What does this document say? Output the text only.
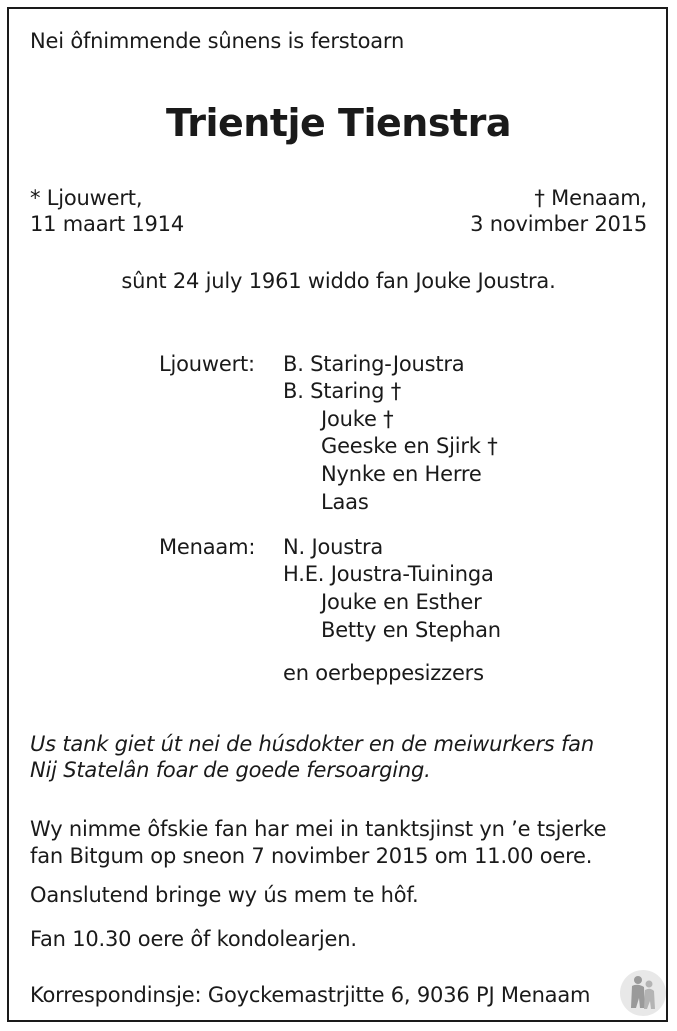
Nei ôfnimmende sûnens is ferstoarn
Trientje Tienstra
* Ljouwert,
11 maart 1914
† Menaam,
3 novimber 2015
sûnt 24 july 1961 widdo fan Jouke Joustra.
Ljouwert: B. Staring-Joustra
B. Staring †
Jouke †
Geeske en Sjirk †
Nynke en Herre
Laas
Menaam: N. Joustra
H.E. Joustra-Tuininga
Jouke en Esther
Betty en Stephan
en oerbeppesizzers
Us tank giet út nei de húsdokter en de meiwurkers fan
Nij Statelân foar de goede fersoarging.
Wy nimme ôfskie fan har mei in tanktsjinst yn ’e tsjerke
fan Bitgum op sneon 7 novimber 2015 om 11.00 oere.
Oanslutend bringe wy ús mem te hôf.
Fan 10.30 oere ôf kondolearjen.
Korrespondinsje: Goyckemastrjitte 6, 9036 PJ Menaam
